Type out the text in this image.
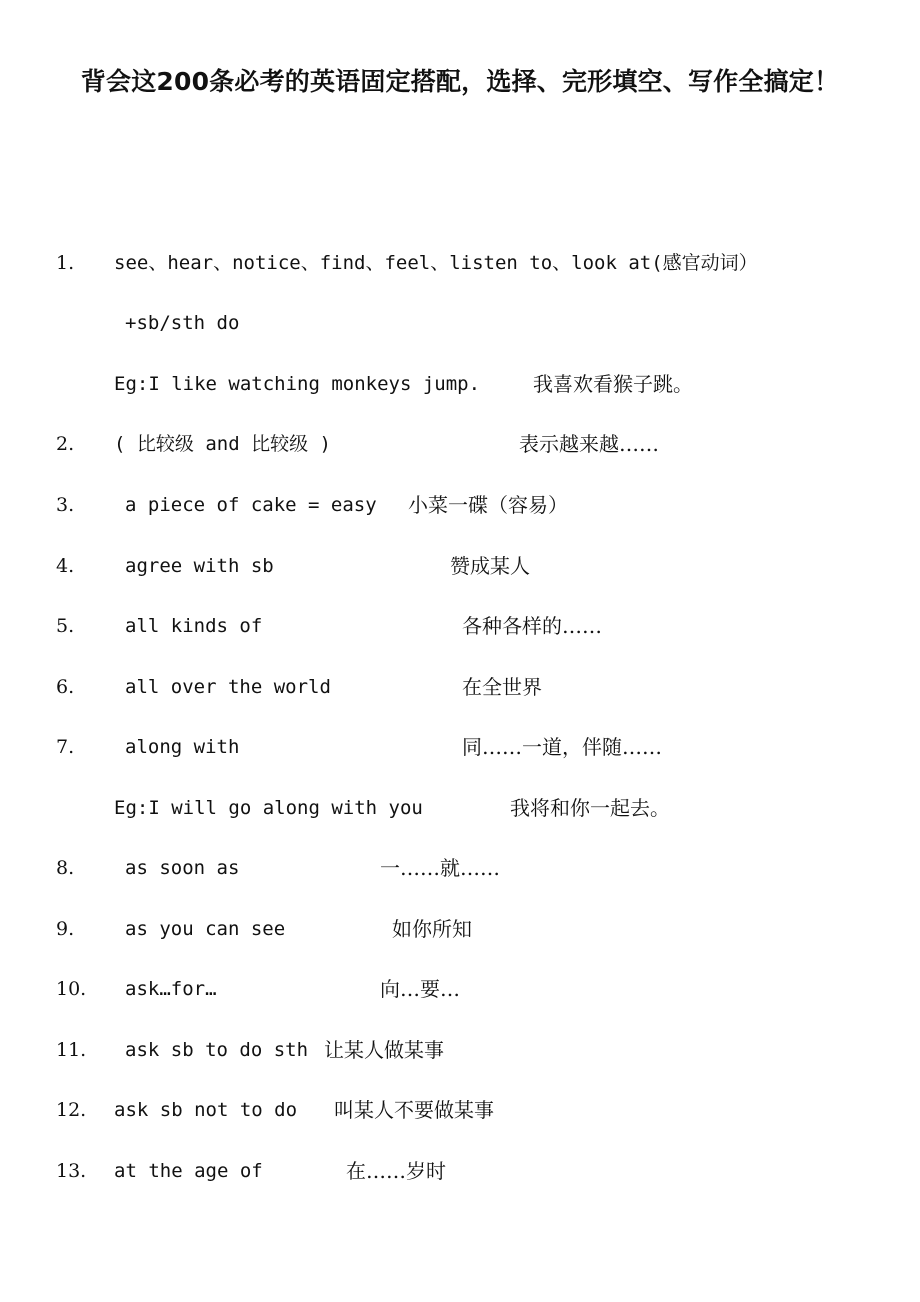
背会这200条必考的英语固定搭配，选择、完形填空、写作全搞定！
1. see、hear、notice、find、feel、listen to、look at(感官动词）
+sb/sth do
Eg:I like watching monkeys jump.	我喜欢看猴子跳。
2. ( 比较级 and 比较级 )	表示越来越……
3.	a piece of cake = easy 小菜一碟（容易）
4.	agree with sb	赞成某人
5.	all kinds of	各种各样的……
6.	all over the world	在全世界
7.	along with	同……一道，伴随……
Eg:I will go along with you	我将和你一起去。
8.	as soon as	一……就……
9.	as you can see	如你所知
10. ask…for…	向…要…
11. ask sb to do sth 让某人做某事
12. ask sb not to do 叫某人不要做某事
13. at the age of	在……岁时
